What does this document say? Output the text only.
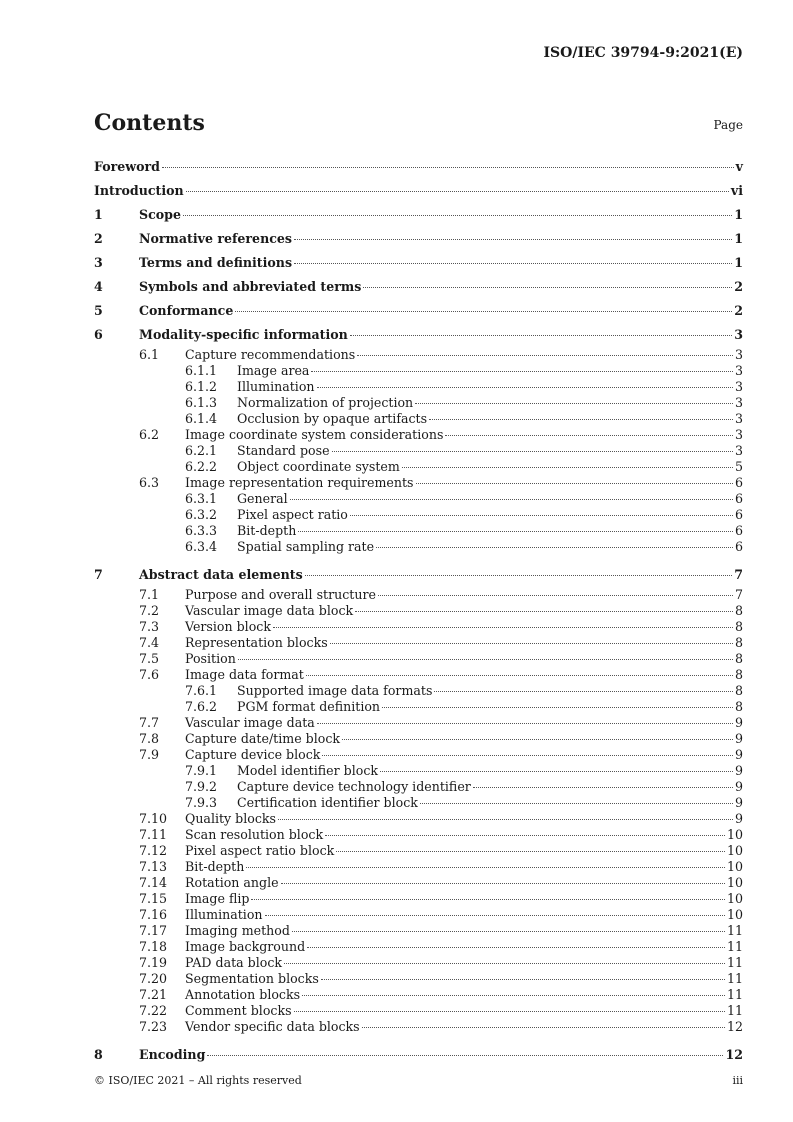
ISO/IEC 39794-9:2021(E)
Contents	Page
Foreword	v
Introduction	vi
1	Scope	1
2	Normative references	1
3	Terms and definitions	1
4	Symbols and abbreviated terms	2
5	Conformance	2
6	Modality-specific information	3
6.1	Capture recommendations	3
6.1.1	Image area	3
6.1.2	Illumination	3
6.1.3	Normalization of projection	3
6.1.4	Occlusion by opaque artifacts	3
6.2	Image coordinate system considerations	3
6.2.1	Standard pose	3
6.2.2	Object coordinate system	5
6.3	Image representation requirements	6
6.3.1	General	6
6.3.2	Pixel aspect ratio	6
6.3.3	Bit-depth	6
6.3.4	Spatial sampling rate	6
7	Abstract data elements	7
7.1	Purpose and overall structure	7
7.2	Vascular image data block	8
7.3	Version block	8
7.4	Representation blocks	8
7.5	Position	8
7.6	Image data format	8
7.6.1	Supported image data formats	8
7.6.2	PGM format definition	8
7.7	Vascular image data	9
7.8	Capture date/time block	9
7.9	Capture device block	9
7.9.1	Model identifier block	9
7.9.2	Capture device technology identifier	9
7.9.3	Certification identifier block	9
7.10	Quality blocks	9
7.11	Scan resolution block	10
7.12	Pixel aspect ratio block	10
7.13	Bit-depth	10
7.14	Rotation angle	10
7.15	Image flip	10
7.16	Illumination	10
7.17	Imaging method	11
7.18	Image background	11
7.19	PAD data block	11
7.20	Segmentation blocks	11
7.21	Annotation blocks	11
7.22	Comment blocks	11
7.23	Vendor specific data blocks	12
8	Encoding	12
© ISO/IEC 2021 – All rights reserved	iii
